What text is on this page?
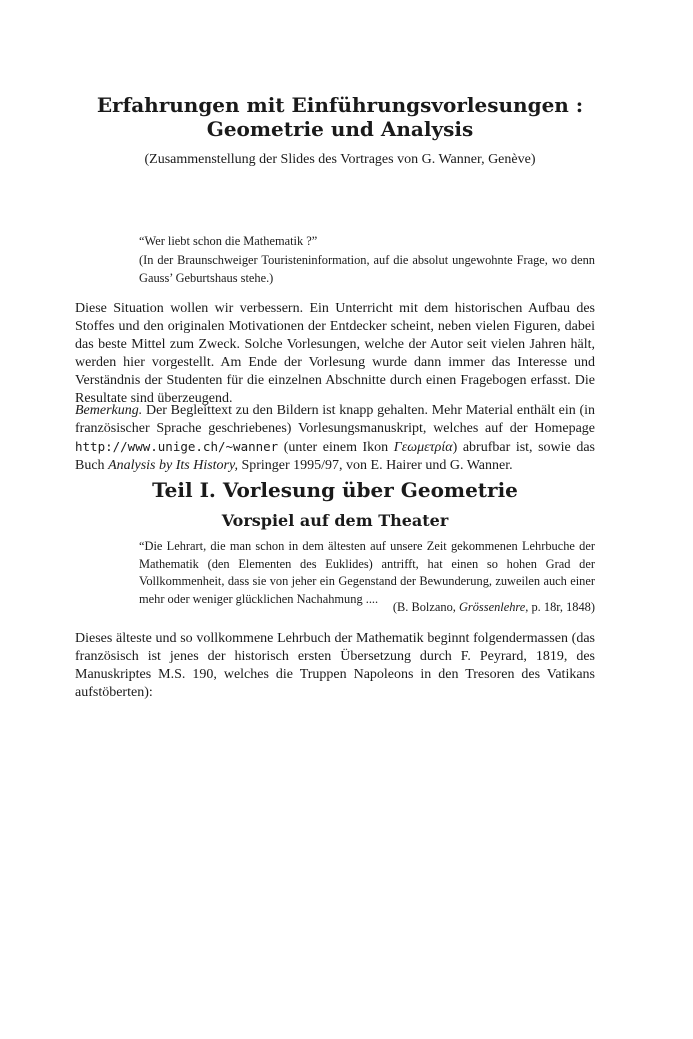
Erfahrungen mit Einführungsvorlesungen :
Geometrie und Analysis

(Zusammenstellung der Slides des Vortrages von G. Wanner, Genève)

“Wer liebt schon die Mathematik ?”

(In der Braunschweiger Touristeninformation, auf die absolut ungewohnte Frage, wo denn Gauss’ Geburtshaus stehe.)

Diese Situation wollen wir verbessern. Ein Unterricht mit dem historischen Aufbau des Stoffes und den originalen Motivationen der Entdecker scheint, neben vielen Figuren, dabei das beste Mittel zum Zweck. Solche Vorlesungen, welche der Autor seit vielen Jahren hält, werden hier vorgestellt. Am Ende der Vorlesung wurde dann immer das Interesse und Verständnis der Studenten für die einzelnen Abschnitte durch einen Fragebogen erfasst. Die Resultate sind überzeugend.

Bemerkung. Der Begleittext zu den Bildern ist knapp gehalten. Mehr Material enthält ein (in französischer Sprache geschriebenes) Vorlesungsmanuskript, welches auf der Homepage http://www.unige.ch/~wanner (unter einem Ikon Γεωμετρία) abrufbar ist, sowie das Buch Analysis by Its History, Springer 1995/97, von E. Hairer und G. Wanner.

Teil I. Vorlesung über Geometrie
Vorspiel auf dem Theater

“Die Lehrart, die man schon in dem ältesten auf unsere Zeit gekommenen Lehrbuche der Mathematik (den Elementen des Euklides) antrifft, hat einen so hohen Grad der Vollkommenheit, dass sie von jeher ein Gegenstand der Bewunderung, zuweilen auch einer mehr oder weniger glücklichen Nachahmung ....

(B. Bolzano, Grössenlehre, p. 18r, 1848)

Dieses älteste und so vollkommene Lehrbuch der Mathematik beginnt folgendermassen (das französisch ist jenes der historisch ersten Übersetzung durch F. Peyrard, 1819, des Manuskriptes M.S. 190, welches die Truppen Napoleons in den Tresoren des Vatikans aufstöberten):
